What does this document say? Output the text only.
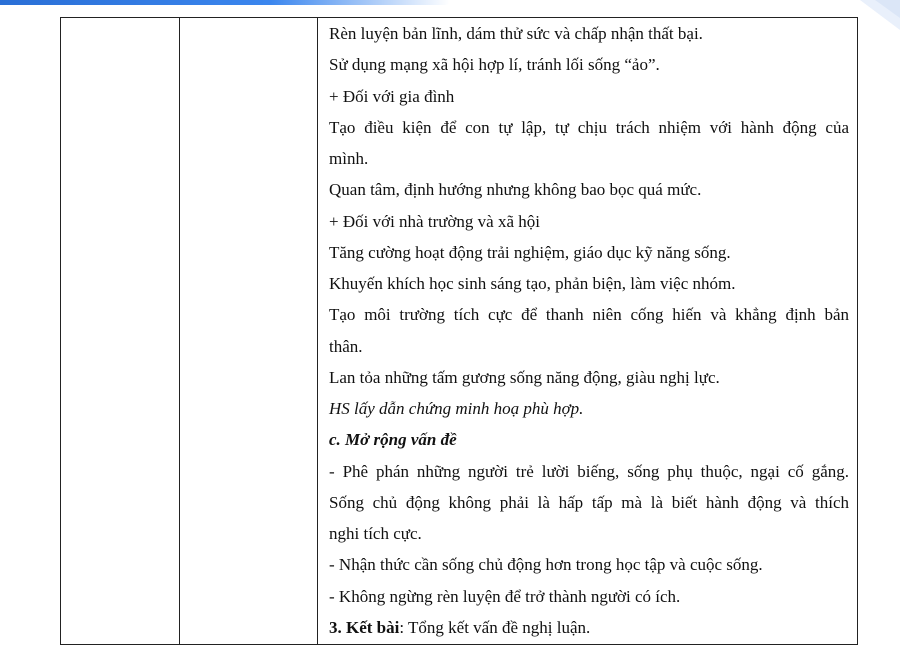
Rèn luyện bản lĩnh, dám thử sức và chấp nhận thất bại.
Sử dụng mạng xã hội hợp lí, tránh lối sống “ảo”.
+ Đối với gia đình
Tạo điều kiện để con tự lập, tự chịu trách nhiệm với hành động của
mình.
Quan tâm, định hướng nhưng không bao bọc quá mức.
+ Đối với nhà trường và xã hội
Tăng cường hoạt động trải nghiệm, giáo dục kỹ năng sống.
Khuyến khích học sinh sáng tạo, phản biện, làm việc nhóm.
Tạo môi trường tích cực để thanh niên cống hiến và khẳng định bản
thân.
Lan tỏa những tấm gương sống năng động, giàu nghị lực.
HS lấy dẫn chứng minh hoạ phù hợp.
c. Mở rộng vấn đề
- Phê phán những người trẻ lười biếng, sống phụ thuộc, ngại cố gắng.
Sống chủ động không phải là hấp tấp mà là biết hành động và thích
nghi tích cực.
- Nhận thức cần sống chủ động hơn trong học tập và cuộc sống.
- Không ngừng rèn luyện để trở thành người có ích.
3. Kết bài: Tổng kết vấn đề nghị luận.
